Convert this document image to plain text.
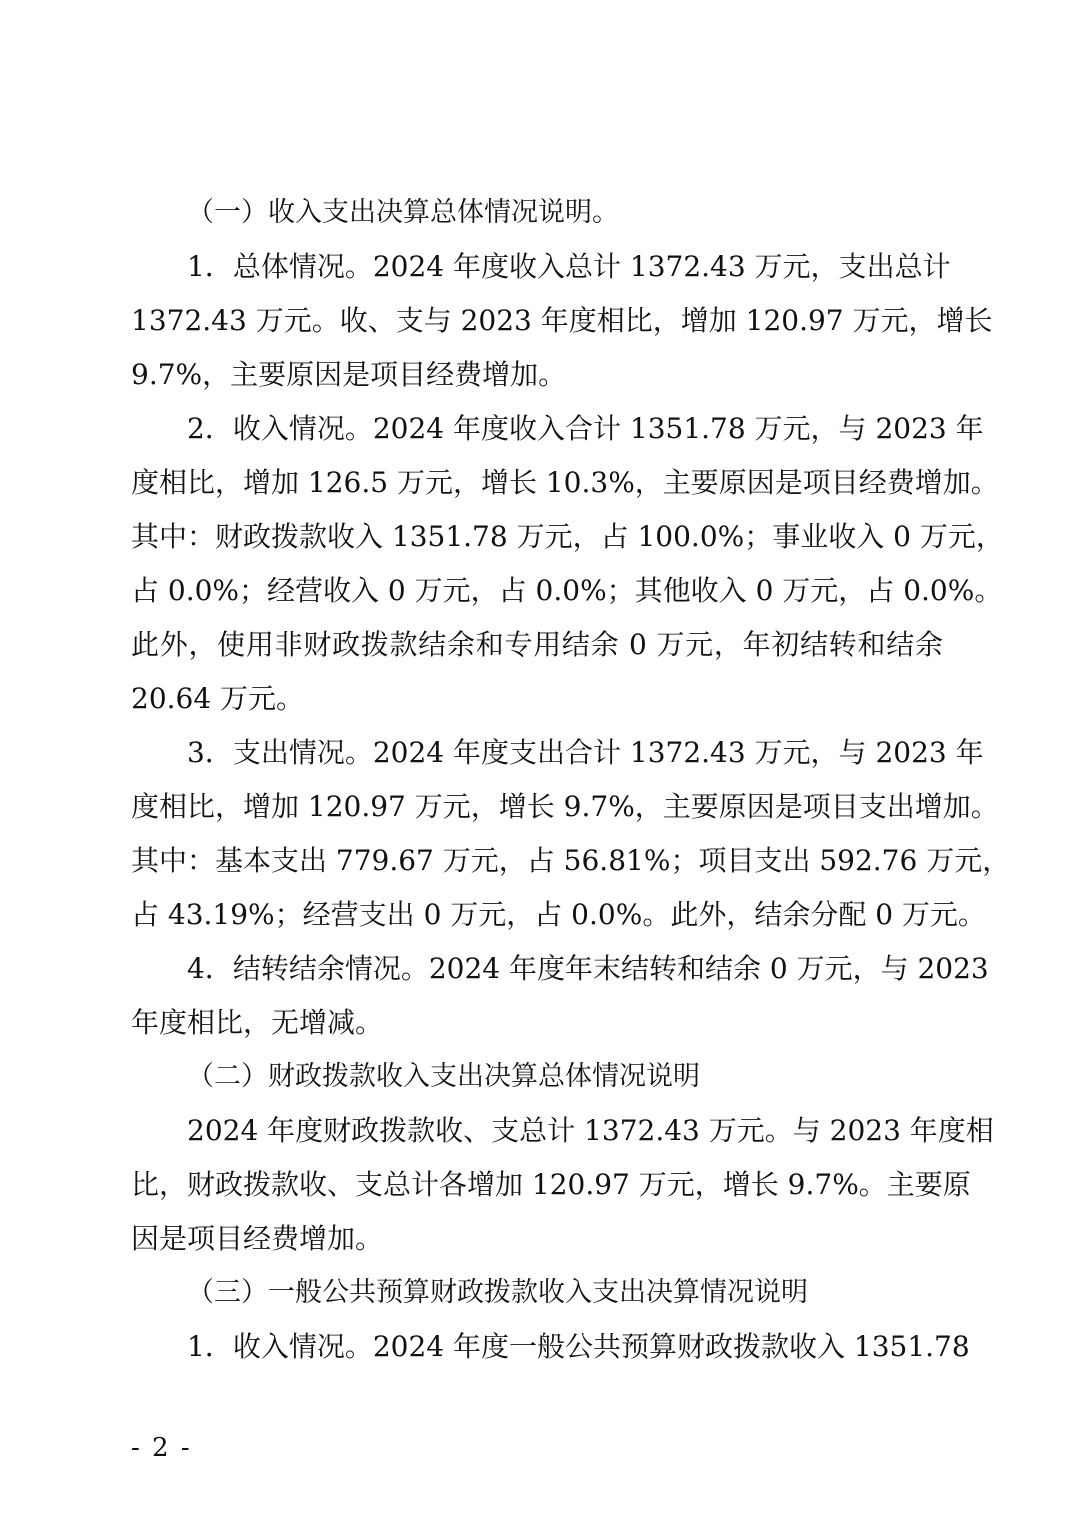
（一）收入支出决算总体情况说明。
1．总体情况。2024 年度收入总计 1372.43 万元，支出总计
1372.43 万元。收、支与 2023 年度相比，增加 120.97 万元，增长
9.7%，主要原因是项目经费增加。
2．收入情况。2024 年度收入合计 1351.78 万元，与 2023 年
度相比，增加 126.5 万元，增长 10.3%，主要原因是项目经费增加。
其中：财政拨款收入 1351.78 万元，占 100.0%；事业收入 0 万元，
占 0.0%；经营收入 0 万元，占 0.0%；其他收入 0 万元，占 0.0%。
此外，使用非财政拨款结余和专用结余 0 万元，年初结转和结余
20.64 万元。
3．支出情况。2024 年度支出合计 1372.43 万元，与 2023 年
度相比，增加 120.97 万元，增长 9.7%，主要原因是项目支出增加。
其中：基本支出 779.67 万元，占 56.81%；项目支出 592.76 万元，
占 43.19%；经营支出 0 万元，占 0.0%。此外，结余分配 0 万元。
4．结转结余情况。2024 年度年末结转和结余 0 万元，与 2023
年度相比，无增减。
（二）财政拨款收入支出决算总体情况说明
2024 年度财政拨款收、支总计 1372.43 万元。与 2023 年度相
比，财政拨款收、支总计各增加 120.97 万元，增长 9.7%。主要原
因是项目经费增加。
（三）一般公共预算财政拨款收入支出决算情况说明
1．收入情况。2024 年度一般公共预算财政拨款收入 1351.78
- 2 -
